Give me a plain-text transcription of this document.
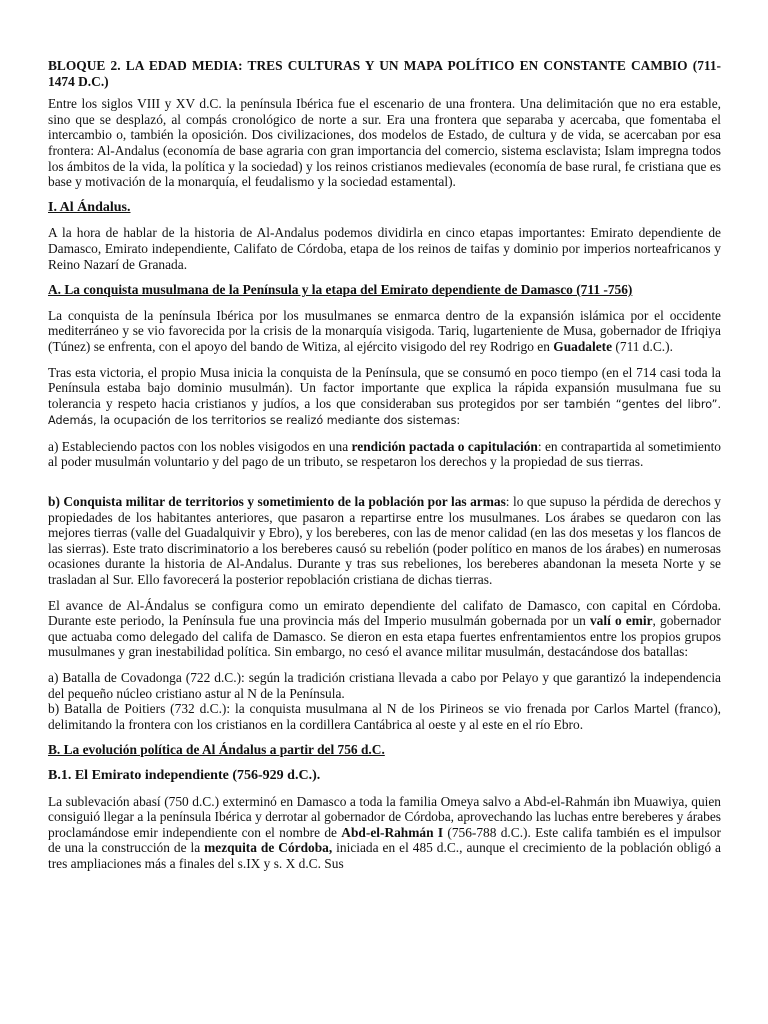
BLOQUE 2. LA EDAD MEDIA: TRES CULTURAS Y UN MAPA POLÍTICO EN CONSTANTE CAMBIO (711-1474 D.C.)

Entre los siglos VIII y XV d.C. la península Ibérica fue el escenario de una frontera. Una delimitación que no era estable, sino que se desplazó, al compás cronológico de norte a sur. Era una frontera que separaba y acercaba, que fomentaba el intercambio o, también la oposición. Dos civilizaciones, dos modelos de Estado, de cultura y de vida, se acercaban por esa frontera: Al-Andalus (economía de base agraria con gran importancia del comercio, sistema esclavista; Islam impregna todos los ámbitos de la vida, la política y la sociedad) y los reinos cristianos medievales (economía de base rural, fe cristiana que es base y motivación de la monarquía, el feudalismo y la sociedad estamental).

I. Al Ándalus.

A la hora de hablar de la historia de Al-Andalus podemos dividirla en cinco etapas importantes: Emirato dependiente de Damasco, Emirato independiente, Califato de Córdoba, etapa de los reinos de taifas y dominio por imperios norteafricanos y Reino Nazarí de Granada.

A. La conquista musulmana de la Península y la etapa del Emirato dependiente de Damasco (711 -756)

La conquista de la península Ibérica por los musulmanes se enmarca dentro de la expansión islámica por el occidente mediterráneo y se vio favorecida por la crisis de la monarquía visigoda. Tariq, lugarteniente de Musa, gobernador de Ifriqiya (Túnez) se enfrenta, con el apoyo del bando de Witiza, al ejército visigodo del rey Rodrigo en Guadalete (711 d.C.).

Tras esta victoria, el propio Musa inicia la conquista de la Península, que se consumó en poco tiempo (en el 714 casi toda la Península estaba bajo dominio musulmán). Un factor importante que explica la rápida expansión musulmana fue su tolerancia y respeto hacia cristianos y judíos, a los que consideraban sus protegidos por ser también “gentes del libro”. Además, la ocupación de los territorios se realizó mediante dos sistemas:

a) Estableciendo pactos con los nobles visigodos en una rendición pactada o capitulación: en contrapartida al sometimiento al poder musulmán voluntario y del pago de un tributo, se respetaron los derechos y la propiedad de sus tierras.

b) Conquista militar de territorios y sometimiento de la población por las armas: lo que supuso la pérdida de derechos y propiedades de los habitantes anteriores, que pasaron a repartirse entre los musulmanes. Los árabes se quedaron con las mejores tierras (valle del Guadalquivir y Ebro), y los bereberes, con las de menor calidad (en las dos mesetas y los flancos de las sierras). Este trato discriminatorio a los bereberes causó su rebelión (poder político en manos de los árabes) en numerosas ocasiones durante la historia de Al-Andalus. Durante y tras sus rebeliones, los bereberes abandonan la meseta Norte y se trasladan al Sur. Ello favorecerá la posterior repoblación cristiana de dichas tierras.

El avance de Al-Ándalus se configura como un emirato dependiente del califato de Damasco, con capital en Córdoba. Durante este periodo, la Península fue una provincia más del Imperio musulmán gobernada por un valí o emir, gobernador que actuaba como delegado del califa de Damasco. Se dieron en esta etapa fuertes enfrentamientos entre los propios grupos musulmanes y gran inestabilidad política. Sin embargo, no cesó el avance militar musulmán, destacándose dos batallas:

a) Batalla de Covadonga (722 d.C.): según la tradición cristiana llevada a cabo por Pelayo y que garantizó la independencia del pequeño núcleo cristiano astur al N de la Península.

b) Batalla de Poitiers (732 d.C.): la conquista musulmana al N de los Pirineos se vio frenada por Carlos Martel (franco), delimitando la frontera con los cristianos en la cordillera Cantábrica al oeste y al este en el río Ebro.

B. La evolución política de Al Ándalus a partir del 756 d.C.

B.1. El Emirato independiente (756-929 d.C.).

La sublevación abasí (750 d.C.) exterminó en Damasco a toda la familia Omeya salvo a Abd-el-Rahmán ibn Muawiya, quien consiguió llegar a la península Ibérica y derrotar al gobernador de Córdoba, aprovechando las luchas entre bereberes y árabes proclamándose emir independiente con el nombre de Abd-el-Rahmán I (756-788 d.C.). Este califa también es el impulsor de una la construcción de la mezquita de Córdoba, iniciada en el 485 d.C., aunque el crecimiento de la población obligó a tres ampliaciones más a finales del s.IX y s. X d.C. Sus
